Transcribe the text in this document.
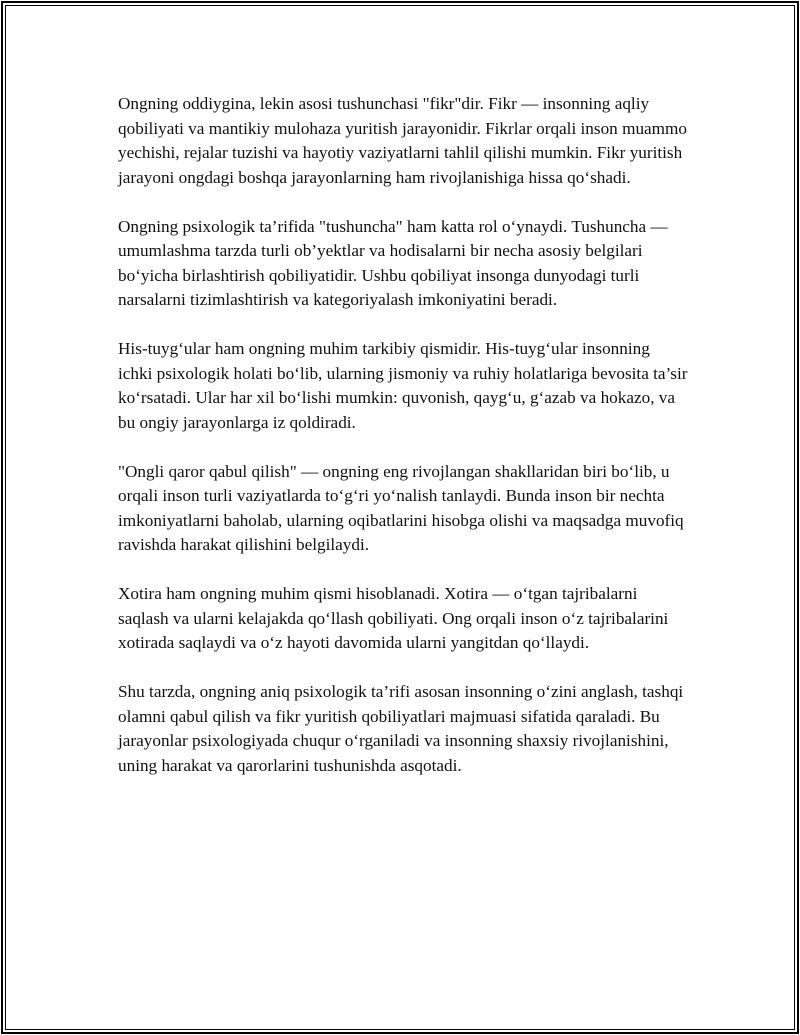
Ongning oddiygina, lekin asosi tushunchasi "fikr"dir. Fikr — insonning aqliy qobiliyati va mantikiy mulohaza yuritish jarayonidir. Fikrlar orqali inson muammo yechishi, rejalar tuzishi va hayotiy vaziyatlarni tahlil qilishi mumkin. Fikr yuritish jarayoni ongdagi boshqa jarayonlarning ham rivojlanishiga hissa qo‘shadi.

Ongning psixologik ta’rifida "tushuncha" ham katta rol o‘ynaydi. Tushuncha — umumlashma tarzda turli ob’yektlar va hodisalarni bir necha asosiy belgilari bo‘yicha birlashtirish qobiliyatidir. Ushbu qobiliyat insonga dunyodagi turli narsalarni tizimlashtirish va kategoriyalash imkoniyatini beradi.

His-tuyg‘ular ham ongning muhim tarkibiy qismidir. His-tuyg‘ular insonning ichki psixologik holati bo‘lib, ularning jismoniy va ruhiy holatlariga bevosita ta’sir ko‘rsatadi. Ular har xil bo‘lishi mumkin: quvonish, qayg‘u, g‘azab va hokazo, va bu ongiy jarayonlarga iz qoldiradi.

"Ongli qaror qabul qilish" — ongning eng rivojlangan shakllaridan biri bo‘lib, u orqali inson turli vaziyatlarda to‘g‘ri yo‘nalish tanlaydi. Bunda inson bir nechta imkoniyatlarni baholab, ularning oqibatlarini hisobga olishi va maqsadga muvofiq ravishda harakat qilishini belgilaydi.

Xotira ham ongning muhim qismi hisoblanadi. Xotira — o‘tgan tajribalarni saqlash va ularni kelajakda qo‘llash qobiliyati. Ong orqali inson o‘z tajribalarini xotirada saqlaydi va o‘z hayoti davomida ularni yangitdan qo‘llaydi.

Shu tarzda, ongning aniq psixologik ta’rifi asosan insonning o‘zini anglash, tashqi olamni qabul qilish va fikr yuritish qobiliyatlari majmuasi sifatida qaraladi. Bu jarayonlar psixologiyada chuqur o‘rganiladi va insonning shaxsiy rivojlanishini, uning harakat va qarorlarini tushunishda asqotadi.
